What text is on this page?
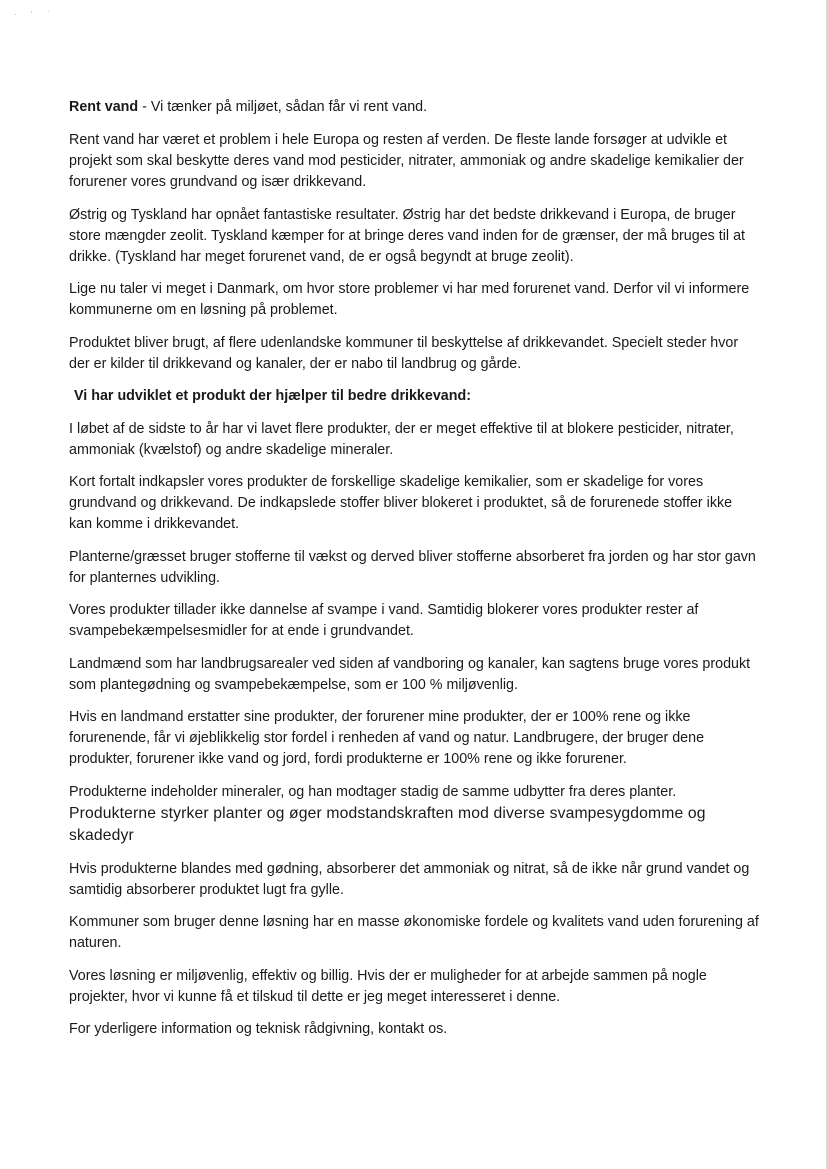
· ‘ ˋ

Rent vand - Vi tænker på miljøet, sådan får vi rent vand.

Rent vand har været et problem i hele Europa og resten af verden. De fleste lande forsøger at udvikle et projekt som skal beskytte deres vand mod pesticider, nitrater, ammoniak og andre skadelige kemikalier der forurener vores grundvand og især drikkevand.

Østrig og Tyskland har opnået fantastiske resultater. Østrig har det bedste drikkevand i Europa, de bruger store mængder zeolit. Tyskland kæmper for at bringe deres vand inden for de grænser, der må bruges til at drikke. (Tyskland har meget forurenet vand, de er også begyndt at bruge zeolit).

Lige nu taler vi meget i Danmark, om hvor store problemer vi har med forurenet vand. Derfor vil vi informere kommunerne om en løsning på problemet.

Produktet bliver brugt, af flere udenlandske kommuner til beskyttelse af drikkevandet. Specielt steder hvor der er kilder til drikkevand og kanaler, der er nabo til landbrug og gårde.

Vi har udviklet et produkt der hjælper til bedre drikkevand:

I løbet af de sidste to år har vi lavet flere produkter, der er meget effektive til at blokere pesticider, nitrater, ammoniak (kvælstof) og andre skadelige mineraler.

Kort fortalt indkapsler vores produkter de forskellige skadelige kemikalier, som er skadelige for vores grundvand og drikkevand. De indkapslede stoffer bliver blokeret i produktet, så de forurenede stoffer ikke kan komme i drikkevandet.

Planterne/græsset bruger stofferne til vækst og derved bliver stofferne absorberet fra jorden og har stor gavn for planternes udvikling.

Vores produkter tillader ikke dannelse af svampe i vand. Samtidig blokerer vores produkter rester af svampebekæmpelsesmidler for at ende i grundvandet.

Landmænd som har landbrugsarealer ved siden af vandboring og kanaler, kan sagtens bruge vores produkt som plantegødning og svampebekæmpelse, som er 100 % miljøvenlig.

Hvis en landmand erstatter sine produkter, der forurener mine produkter, der er 100% rene og ikke forurenende, får vi øjeblikkelig stor fordel i renheden af vand og natur. Landbrugere, der bruger dene produkter, forurener ikke vand og jord, fordi produkterne er 100% rene og ikke forurener.

Produkterne indeholder mineraler, og han modtager stadig de samme udbytter fra deres planter.
Produkterne styrker planter og øger modstandskraften mod diverse svampesygdomme og skadedyr

Hvis produkterne blandes med gødning, absorberer det ammoniak og nitrat, så de ikke når grund vandet og samtidig absorberer produktet lugt fra gylle.

Kommuner som bruger denne løsning har en masse økonomiske fordele og kvalitets vand uden forurening af naturen.

Vores løsning er miljøvenlig, effektiv og billig. Hvis der er muligheder for at arbejde sammen på nogle projekter, hvor vi kunne få et tilskud til dette er jeg meget interesseret i denne.

For yderligere information og teknisk rådgivning, kontakt os.
